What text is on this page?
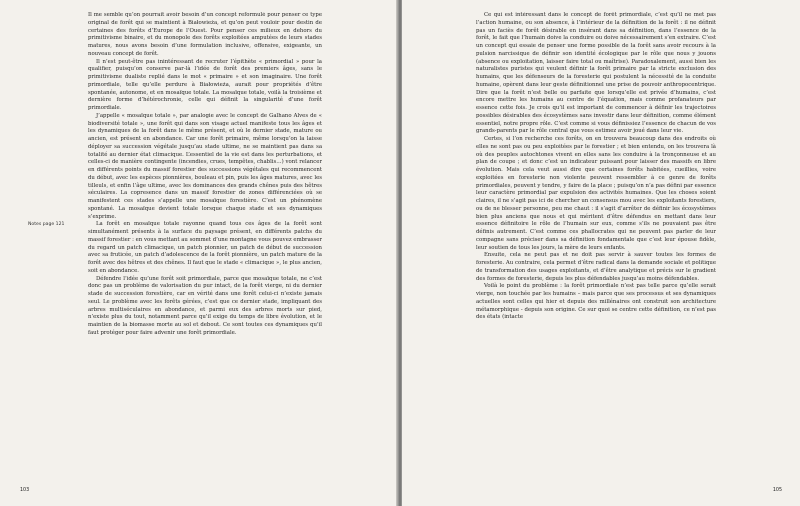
Il me semble qu’on pourrait avoir besoin d’un concept reformulé pour penser ce type original de forêt qui se maintient à Białowieża, et qu’on peut vouloir pour destin de certaines des forêts d’Europe de l’Ouest. Pour penser ces milieux en dehors du primitivisme binaire, et du monopole des forêts exploitées amputées de leurs stades matures, nous avons besoin d’une formulation inclusive, offensive, exigeante, un nouveau concept de forêt.

Il n’est peut-être pas inintéressant de recruter l’épithète « primordial » pour la qualifier, puisqu’on conserve par-là l’idée de forêt des premiers âges, sans le primitivisme dualiste replié dans le mot « primaire » et son imaginaire. Une forêt primordiale, telle qu’elle perdure à Białowieża, aurait pour propriétés d’être spontanée, autonome, et en mosaïque totale. La mosaïque totale, voilà la troisième et dernière forme d’hétérochronie, celle qui définit la singularité d’une forêt primordiale.

J’appelle « mosaïque totale », par analogie avec le concept de Galhano Alves de « biodiversité totale », une forêt qui dans son visage actuel manifeste tous les âges et les dynamiques de la forêt dans le même présent, et où le dernier stade, mature ou ancien, est présent en abondance. Car une forêt primaire, même lorsqu’on la laisse déployer sa succession végétale jusqu’au stade ultime, ne se maintient pas dans sa totalité au dernier état climacique. L’essentiel de la vie est dans les perturbations, et celles-ci de manière contingente (incendies, crues, tempêtes, chablis…) vont relancer en différents points du massif forestier des successions végétales qui recommencent du début, avec les espèces pionnières, bouleau et pin, puis les âges matures, avec les tilleuls, et enfin l’âge ultime, avec les dominances des grands chênes puis des hêtres séculaires. La copresence dans un massif forestier de zones différenciées où se manifestent ces stades s’appelle une mosaïque forestière. C’est un phénomène spontané. La mosaïque devient totale lorsque chaque stade et ses dynamiques s’exprime.

La forêt en mosaïque totale rayonne quand tous ces âges de la forêt sont simultanément présents à la surface du paysage présent, en différents patchs du massif forestier : en vous mettant au sommet d’une montagne vous pouvez embrasser du regard un patch climacique, un patch pionnier, un patch de début de succession avec sa fruticée, un patch d’adolescence de la forêt pionnière, un patch mature de la forêt avec des hêtres et des chênes. Il faut que le stade « climacique », le plus ancien, soit en abondance.

Défendre l’idée qu’une forêt soit primordiale, parce que mosaïque totale, ne c’est donc pas un problème de valorisation du pur intact, de la forêt vierge, ni du dernier stade de succession forestière, car en vérité dans une forêt celui-ci n’existe jamais seul. Le problème avec les forêts gérées, c’est que ce dernier stade, impliquant des arbres multiséculaires en abondance, et parmi eux des arbres morts sur pied, n’existe plus du tout, notamment parce qu’il exige du temps de libre évolution, et le maintien de la biomasse morte au sol et debout. Ce sont toutes ces dynamiques qu’il faut protéger pour faire advenir une forêt primordiale.

Notes page 121
103

Ce qui est intéressant dans le concept de forêt primordiale, c’est qu’il ne met pas l’action humaine, ou son absence, à l’intérieur de la définition de la forêt : il ne définit pas un faciès de forêt désirable en insérant dans sa définition, dans l’essence de la forêt, le fait que l’humain doive la conduire ou doive nécessairement s’en extraire. C’est un concept qui essaie de penser une forme possible de la forêt sans avoir recours à la pulsion narcissique de définir son identité écologique par le rôle que nous y jouons (absence ou exploitation, laisser faire total ou maîtrise). Paradoxalement, aussi bien les naturalistes puristes qui veulent définir la forêt primaire par la stricte exclusion des humains, que les défenseurs de la foresterie qui postulent la nécessité de la conduite humaine, opèrent dans leur geste définitionnel une prise de pouvoir anthropocentrique. Dire que la forêt n’est belle ou parfaite que lorsqu’elle est privée d’humains, c’est encore mettre les humains au centre de l’équation, mais comme profanateurs par essence cette fois. Je crois qu’il est important de commencer à définir les trajectoires possibles désirables des écosystèmes sans investir dans leur définition, comme élément essentiel, notre propre rôle. C’est comme si vous définissiez l’essence de chacun de vos grands-parents par le rôle central que vous estimez avoir joué dans leur vie.

Certes, si l’on recherche ces forêts, on en trouvera beaucoup dans des endroits où elles ne sont pas ou peu exploitées par le forestier ; et bien entendu, on les trouvera là où des peuples autochtones vivent en elles sans les conduire à la tronçonneuse et au plan de coupe ; et donc c’est un indicateur puissant pour laisser des massifs en libre évolution. Mais cela veut aussi dire que certaines forêts habitées, cueillies, voire exploitées en foresterie non violente peuvent ressembler à ce genre de forêts primordiales, peuvent y tendre, y faire de la place ; puisqu’on n’a pas défini par essence leur caractère primordial par expulsion des activités humaines. Que les choses soient claires, il ne s’agit pas ici de chercher un consensus mou avec les exploitants forestiers, ou de ne blesser personne, peu me chaut : il s’agit d’arrêter de définir les écosystèmes bien plus anciens que nous et qui méritent d’être défendus en mettant dans leur essence définitoire le rôle de l’humain sur eux, comme s’ils ne pouvaient pas être définis autrement. C’est comme ces phallocrates qui ne peuvent pas parler de leur compagne sans préciser dans sa définition fondamentale que c’est leur épouse fidèle, leur soutien de tous les jours, la mère de leurs enfants.

Ensuite, cela ne peut pas et ne doit pas servir à sauver toutes les formes de foresterie. Au contraire, cela permet d’être radical dans la demande sociale et politique de transformation des usages exploitants, et d’être analytique et précis sur le gradient des formes de foresterie, depuis les plus défendables jusqu’au moins défendables.

Voilà le point du problème : la forêt primordiale n’est pas telle parce qu’elle serait vierge, non touchée par les humains – mais parce que ses processus et ses dynamiques actuelles sont celles qui hier et depuis des millénaires ont construit son architecture métamorphique - depuis son origine. Ce sur quoi se centre cette définition, ce n’est pas des états (intacte

105
